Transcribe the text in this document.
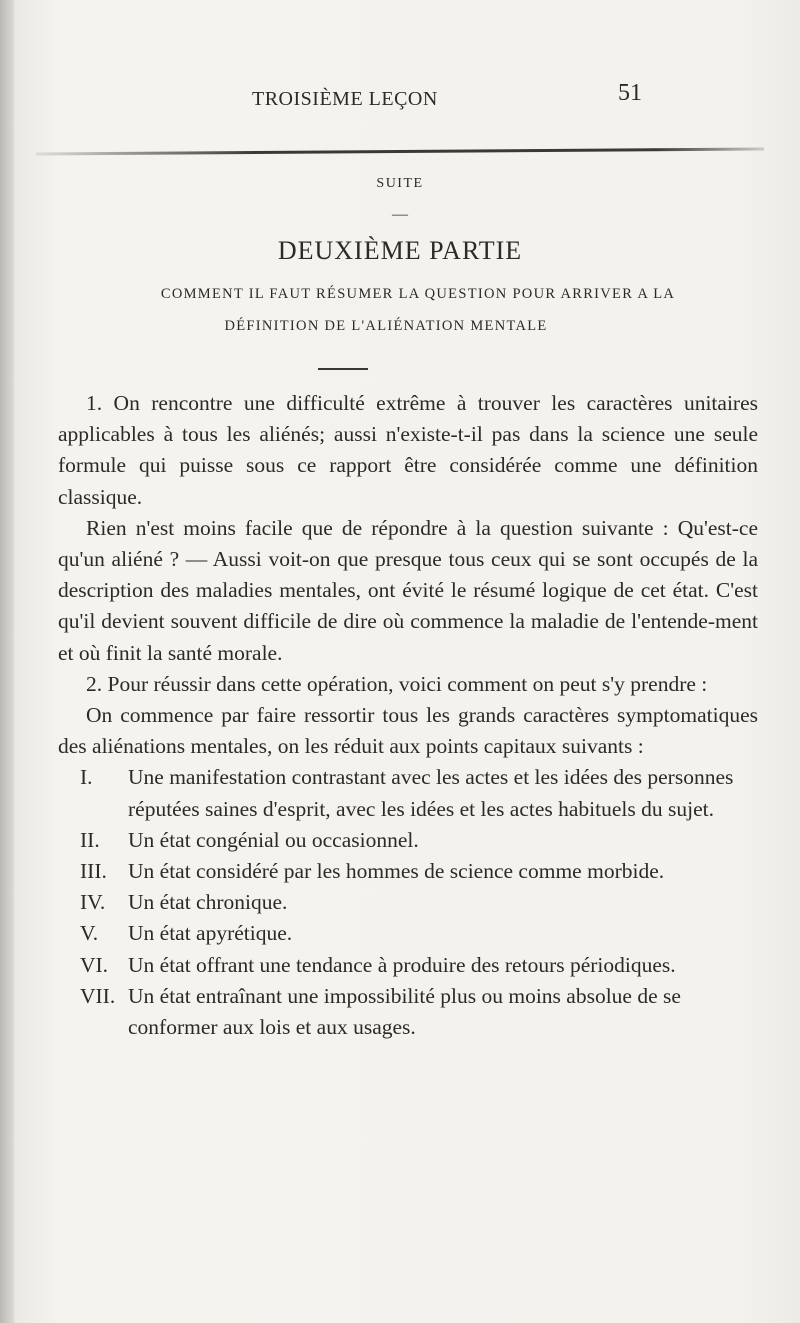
TROISIÈME LEÇON	51
SUITE
—
DEUXIÈME PARTIE
COMMENT IL FAUT RÉSUMER LA QUESTION POUR ARRIVER A LA
DÉFINITION DE L'ALIÉNATION MENTALE

1. On rencontre une difficulté extrême à trouver les caractères unitaires applicables à tous les aliénés; aussi n'existe-t-il pas dans la science une seule formule qui puisse sous ce rapport être considérée comme une définition classique.

Rien n'est moins facile que de répondre à la question suivante : Qu'est-ce qu'un aliéné ? — Aussi voit-on que presque tous ceux qui se sont occupés de la description des maladies mentales, ont évité le résumé logique de cet état. C'est qu'il devient souvent difficile de dire où commence la maladie de l'entende-ment et où finit la santé morale.

2. Pour réussir dans cette opération, voici comment on peut s'y prendre :

On commence par faire ressortir tous les grands caractères symptomatiques des aliénations mentales, on les réduit aux points capitaux suivants :

I.	Une manifestation contrastant avec les actes et les idées des personnes réputées saines d'esprit, avec les idées et les actes habituels du sujet.
II.	Un état congénial ou occasionnel.
III. Un état considéré par les hommes de science comme morbide.
IV.	Un état chronique.
V.	Un état apyrétique.
VI. Un état offrant une tendance à produire des retours périodiques.
VII. Un état entraînant une impossibilité plus ou moins absolue de se conformer aux lois et aux usages.
